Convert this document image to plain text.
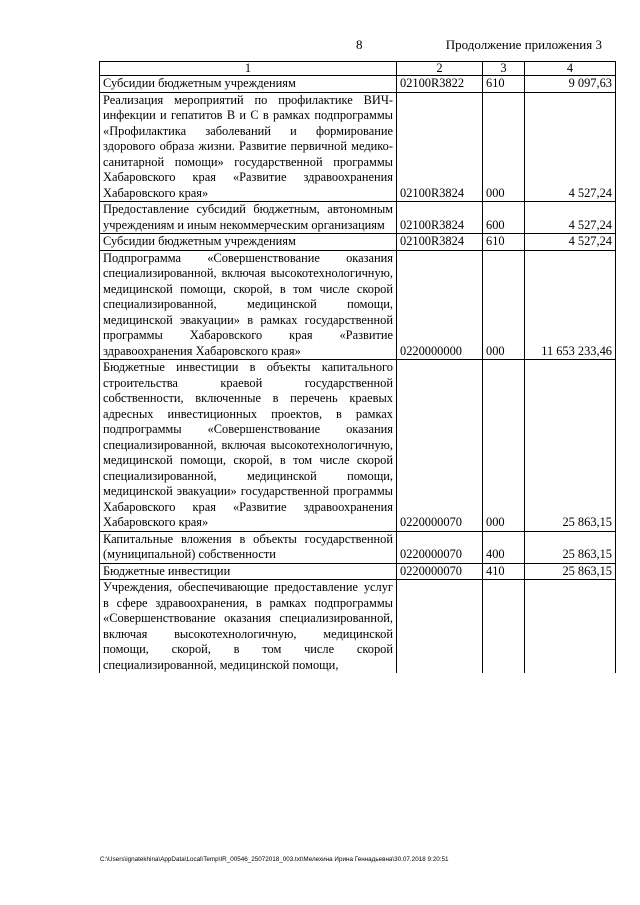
8	Продолжение приложения 3
1	2	3	4
Субсидии бюджетным учреждениям	02100R3822	610	9 097,63
Реализация мероприятий по профилактике ВИЧ-инфекции и гепатитов В и С в рамках подпрограммы «Профилактика заболеваний и формирование здорового образа жизни. Развитие первичной медико-санитарной помощи» государственной программы Хабаровского края «Развитие здравоохранения Хабаровского края»	02100R3824	000	4 527,24
Предоставление субсидий бюджетным, автономным учреждениям и иным некоммерческим организациям	02100R3824	600	4 527,24
Субсидии бюджетным учреждениям	02100R3824	610	4 527,24
Подпрограмма «Совершенствование оказания специализированной, включая высокотехнологичную, медицинской помощи, скорой, в том числе скорой специализированной, медицинской помощи, медицинской эвакуации» в рамках государственной программы Хабаровского края «Развитие здравоохранения Хабаровского края»	0220000000	000	11 653 233,46
Бюджетные инвестиции в объекты капитального строительства краевой государственной собственности, включенные в перечень краевых адресных инвестиционных проектов, в рамках подпрограммы «Совершенствование оказания специализированной, включая высокотехнологичную, медицинской помощи, скорой, в том числе скорой специализированной, медицинской помощи, медицинской эвакуации» государственной программы Хабаровского края «Развитие здравоохранения Хабаровского края»	0220000070	000	25 863,15
Капитальные вложения в объекты государственной (муниципальной) собственности	0220000070	400	25 863,15
Бюджетные инвестиции	0220000070	410	25 863,15
Учреждения, обеспечивающие предоставление услуг в сфере здравоохранения, в рамках подпрограммы «Совершенствование оказания специализированной, включая высокотехнологичную, медицинской помощи, скорой, в том числе скорой специализированной, медицинской помощи,			
C:\Users\ignatekhina\AppData\Local\Temp\IR_00546_25072018_003.txt\Мелехина Ирина Геннадьевна\30.07.2018 9:20:51
